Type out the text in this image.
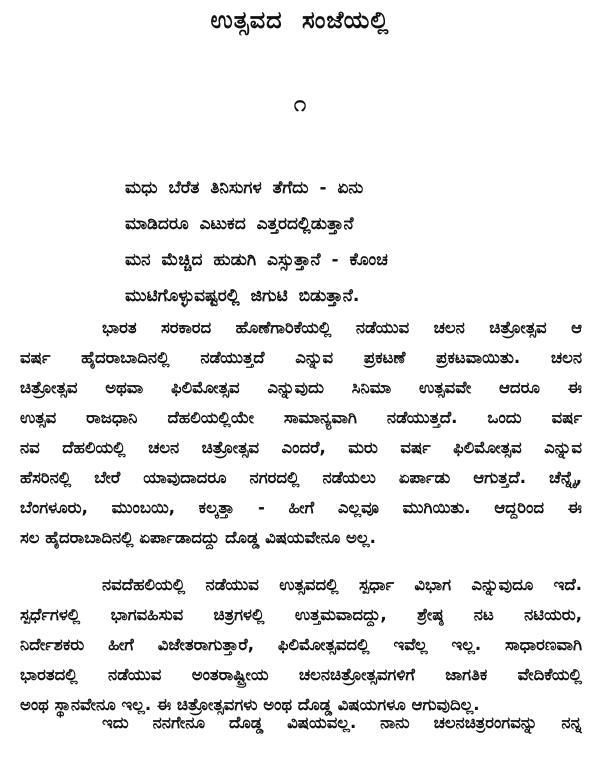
ಉತ್ಸವದ ಸಂಜೆಯಲ್ಲಿ
೧
ಮಧು ಬೆರೆತ ತಿನಿಸುಗಳ ತೆಗೆದು - ಏನು
ಮಾಡಿದರೂ ಎಟುಕದ ಎತ್ತರದಲ್ಲಿಡುತ್ತಾನೆ
ಮನ ಮೆಚ್ಚಿದ ಹುಡುಗಿ ಎಸ್ಸುತ್ತಾನೆ - ಕೊಂಚ
ಮುಟಿಗೊಳ್ಳುವಷ್ಟರಲ್ಲಿ ಜಿಗುಟಿ ಬಿಡುತ್ತಾನೆ.
ಭಾರತ ಸರಕಾರದ ಹೊಣೆಗಾರಿಕೆಯಲ್ಲಿ ನಡೆಯುವ ಚಲನ ಚಿತ್ರೋತ್ಸವ ಆ
ವರ್ಷ ಹೈದರಾಬಾದಿನಲ್ಲಿ ನಡೆಯುತ್ತದೆ ಎನ್ನುವ ಪ್ರಕಟಣೆ ಪ್ರಕಟವಾಯಿತು. ಚಲನ
ಚಿತ್ರೋತ್ಸವ ಅಥವಾ ಫಿಲಿಮೋತ್ಸವ ಎನ್ನುವುದು ಸಿನಿಮಾ ಉತ್ಸವವೇ ಆದರೂ ಈ
ಉತ್ಸವ ರಾಜಧಾನಿ ದೆಹಲಿಯಲ್ಲಿಯೇ ಸಾಮಾನ್ಯವಾಗಿ ನಡೆಯುತ್ತದೆ. ಒಂದು ವರ್ಷ
ನವ ದೆಹಲಿಯಲ್ಲಿ ಚಲನ ಚಿತ್ರೋತ್ಸವ ಎಂದರೆ, ಮರು ವರ್ಷ ಫಿಲಿಮೋತ್ಸವ ಎನ್ನುವ
ಹೆಸರಿನಲ್ಲಿ ಬೇರೆ ಯಾವುದಾದರೂ ನಗರದಲ್ಲಿ ನಡೆಯಲು ಏರ್ಪಾಡು ಆಗುತ್ತದೆ. ಚೆನ್ನೈ,
ಬೆಂಗಳೂರು, ಮುಂಬಯಿ, ಕಲ್ಕತ್ತಾ - ಹೀಗೆ ಎಲ್ಲವೂ ಮುಗಿಯಿತು. ಆದ್ದರಿಂದ ಈ
ಸಲ ಹೈದರಾಬಾದಿನಲ್ಲಿ ಏರ್ಪಾಡಾದದ್ದು ದೊಡ್ಡ ವಿಷಯವೇನೂ ಅಲ್ಲ.
ನವದೆಹಲಿಯಲ್ಲಿ ನಡೆಯುವ ಉತ್ಸವದಲ್ಲಿ ಸ್ಪರ್ಧಾ ವಿಭಾಗ ಎನ್ನುವುದೂ ಇದೆ.
ಸ್ಪರ್ಧೆಗಳಲ್ಲಿ ಭಾಗವಹಿಸುವ ಚಿತ್ರಗಳಲ್ಲಿ ಉತ್ತಮವಾದದ್ದು, ಶ್ರೇಷ್ಠ ನಟ ನಟಿಯರು,
ನಿರ್ದೇಶಕರು ಹೀಗೆ ವಿಜೇತರಾಗುತ್ತಾರೆ, ಫಿಲಿಮೋತ್ಸವದಲ್ಲಿ ಇವೆಲ್ಲ ಇಲ್ಲ. ಸಾಧಾರಣವಾಗಿ
ಭಾರತದಲ್ಲಿ ನಡೆಯುವ ಅಂತರಾಷ್ಟ್ರೀಯ ಚಲನಚಿತ್ರೋತ್ಸವಗಳಿಗೆ ಜಾಗತಿಕ ವೇದಿಕೆಯಲ್ಲಿ
ಅಂಥ ಸ್ಥಾನವೇನೂ ಇಲ್ಲ. ಈ ಚಿತ್ರೋತ್ಸವಗಳು ಅಂಥ ದೊಡ್ಡ ವಿಷಯಗಳೂ ಆಗುವುದಿಲ್ಲ.
ಇದು ನನಗೇನೂ ದೊಡ್ಡ ವಿಷಯವಲ್ಲ. ನಾನು ಚಲನಚಿತ್ರರಂಗವನ್ನು ನನ್ನ
